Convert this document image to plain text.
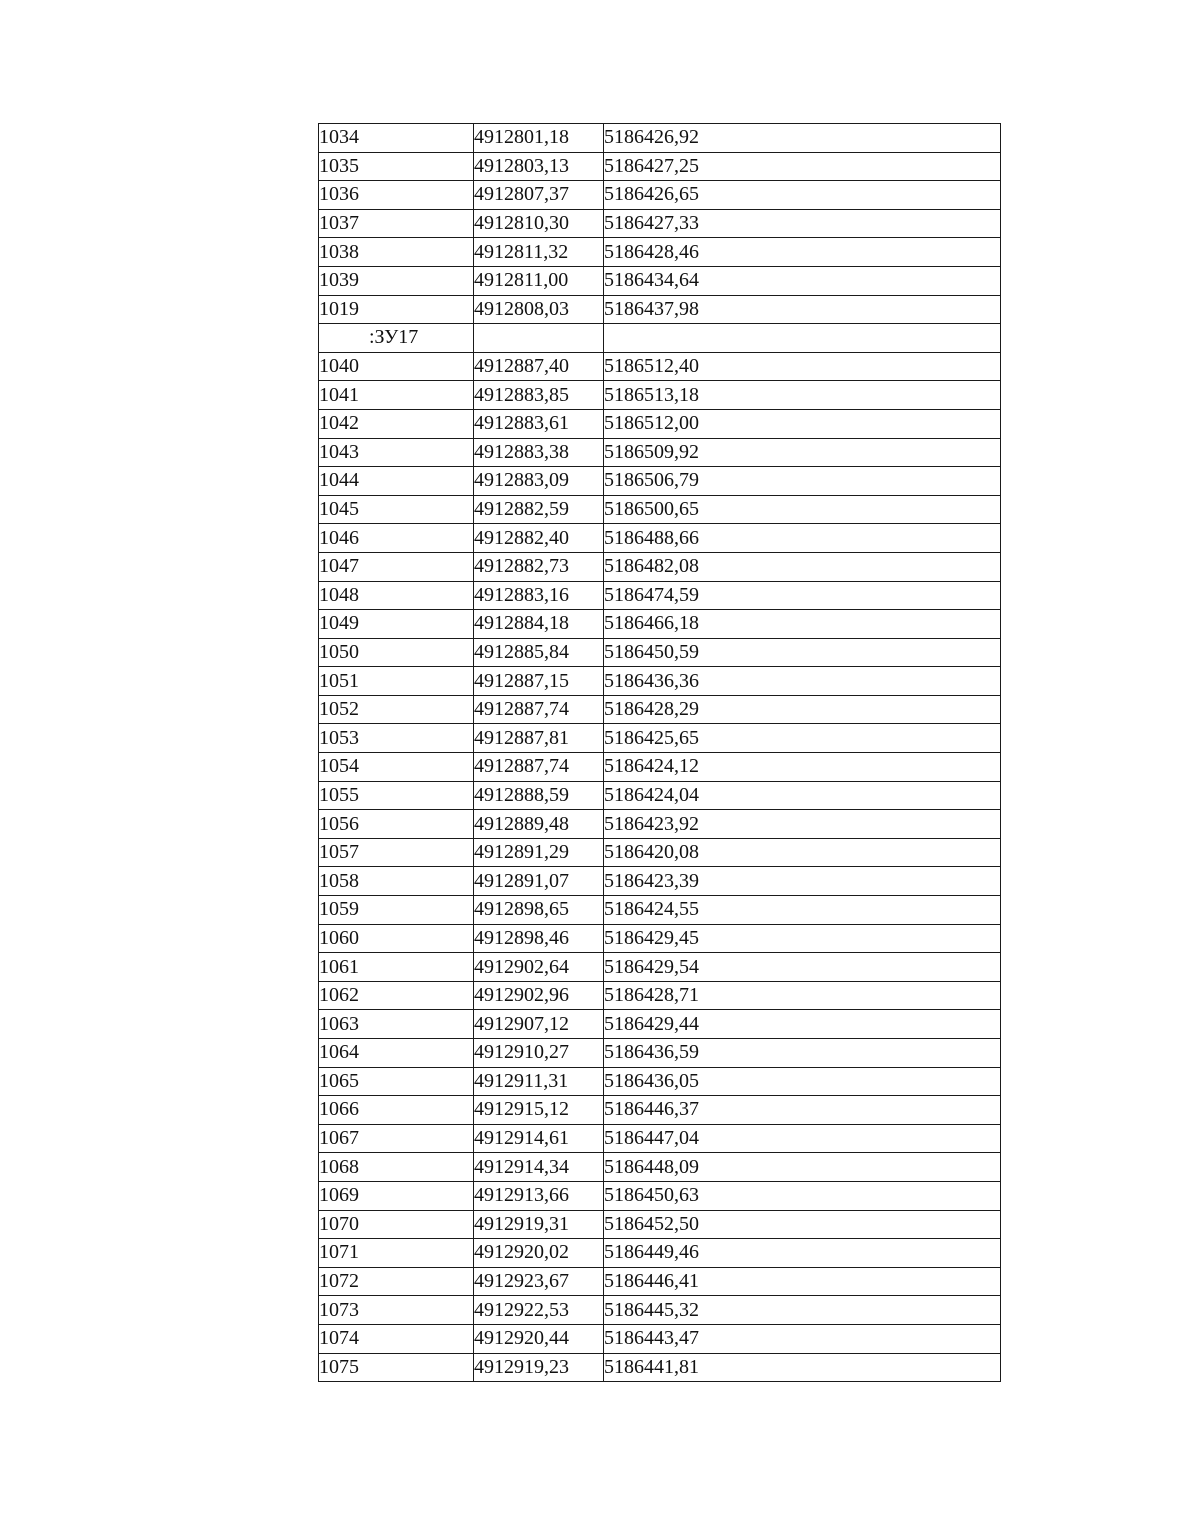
1034	4912801,18	5186426,92
1035	4912803,13	5186427,25
1036	4912807,37	5186426,65
1037	4912810,30	5186427,33
1038	4912811,32	5186428,46
1039	4912811,00	5186434,64
1019	4912808,03	5186437,98
:ЗУ17		
1040	4912887,40	5186512,40
1041	4912883,85	5186513,18
1042	4912883,61	5186512,00
1043	4912883,38	5186509,92
1044	4912883,09	5186506,79
1045	4912882,59	5186500,65
1046	4912882,40	5186488,66
1047	4912882,73	5186482,08
1048	4912883,16	5186474,59
1049	4912884,18	5186466,18
1050	4912885,84	5186450,59
1051	4912887,15	5186436,36
1052	4912887,74	5186428,29
1053	4912887,81	5186425,65
1054	4912887,74	5186424,12
1055	4912888,59	5186424,04
1056	4912889,48	5186423,92
1057	4912891,29	5186420,08
1058	4912891,07	5186423,39
1059	4912898,65	5186424,55
1060	4912898,46	5186429,45
1061	4912902,64	5186429,54
1062	4912902,96	5186428,71
1063	4912907,12	5186429,44
1064	4912910,27	5186436,59
1065	4912911,31	5186436,05
1066	4912915,12	5186446,37
1067	4912914,61	5186447,04
1068	4912914,34	5186448,09
1069	4912913,66	5186450,63
1070	4912919,31	5186452,50
1071	4912920,02	5186449,46
1072	4912923,67	5186446,41
1073	4912922,53	5186445,32
1074	4912920,44	5186443,47
1075	4912919,23	5186441,81
